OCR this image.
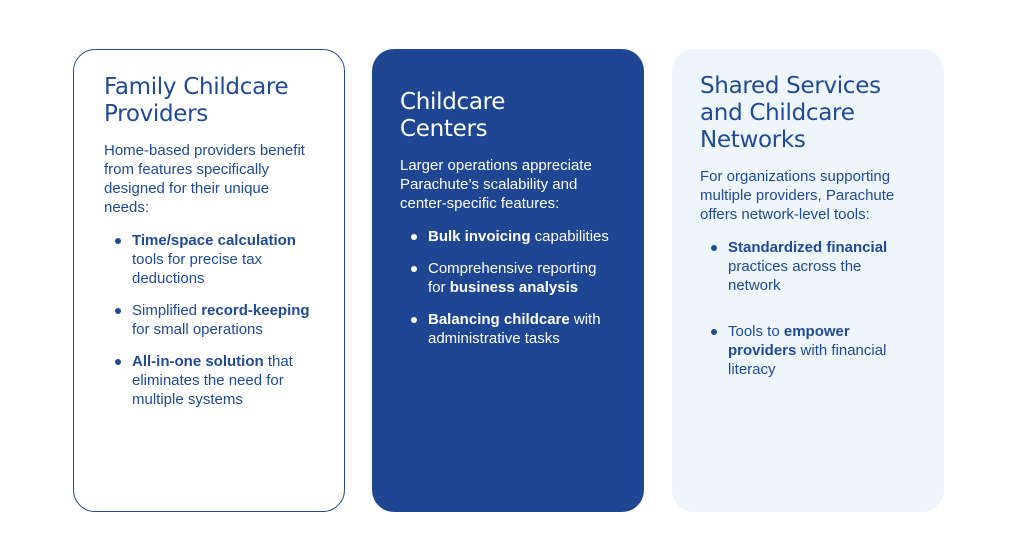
Family Childcare Providers

Home-based providers benefit from features specifically designed for their unique needs:

Time/space calculation tools for precise tax deductions
Simplified record-keeping for small operations
All-in-one solution that eliminates the need for multiple systems
Childcare Centers

Larger operations appreciate Parachute’s scalability and center-specific features:

Bulk invoicing capabilities
Comprehensive reporting for business analysis
Balancing childcare with administrative tasks
Shared Services and Childcare Networks

For organizations supporting multiple providers, Parachute offers network-level tools:

Standardized financial practices across the network
Tools to empower providers with financial literacy
